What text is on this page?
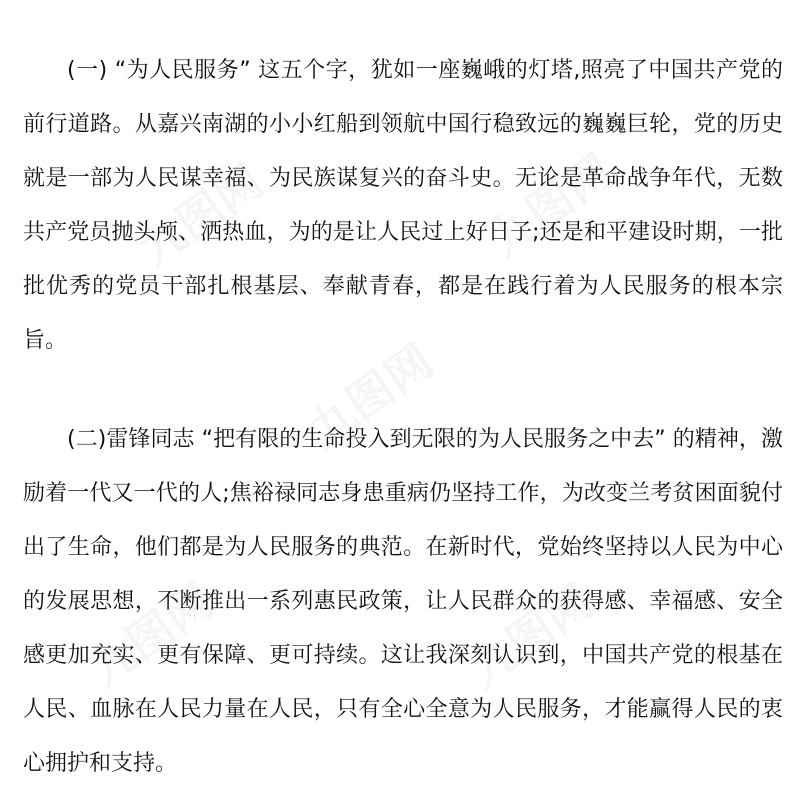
九图网	九图网
九图网
九图网	九图网

(一) “为人民服务” 这五个字，犹如一座巍峨的灯塔,照亮了中国共产党的前行道路。从嘉兴南湖的小小红船到领航中国行稳致远的巍巍巨轮，党的历史就是一部为人民谋幸福、为民族谋复兴的奋斗史。无论是革命战争年代，无数共产党员抛头颅、洒热血，为的是让人民过上好日子;还是和平建设时期，一批批优秀的党员干部扎根基层、奉献青春，都是在践行着为人民服务的根本宗旨。

(二)雷锋同志 “把有限的生命投入到无限的为人民服务之中去” 的精神，激励着一代又一代的人;焦裕禄同志身患重病仍坚持工作，为改变兰考贫困面貌付出了生命，他们都是为人民服务的典范。在新时代，党始终坚持以人民为中心的发展思想，不断推出一系列惠民政策，让人民群众的获得感、幸福感、安全感更加充实、更有保障、更可持续。这让我深刻认识到，中国共产党的根基在人民、血脉在人民力量在人民，只有全心全意为人民服务，才能赢得人民的衷心拥护和支持。
